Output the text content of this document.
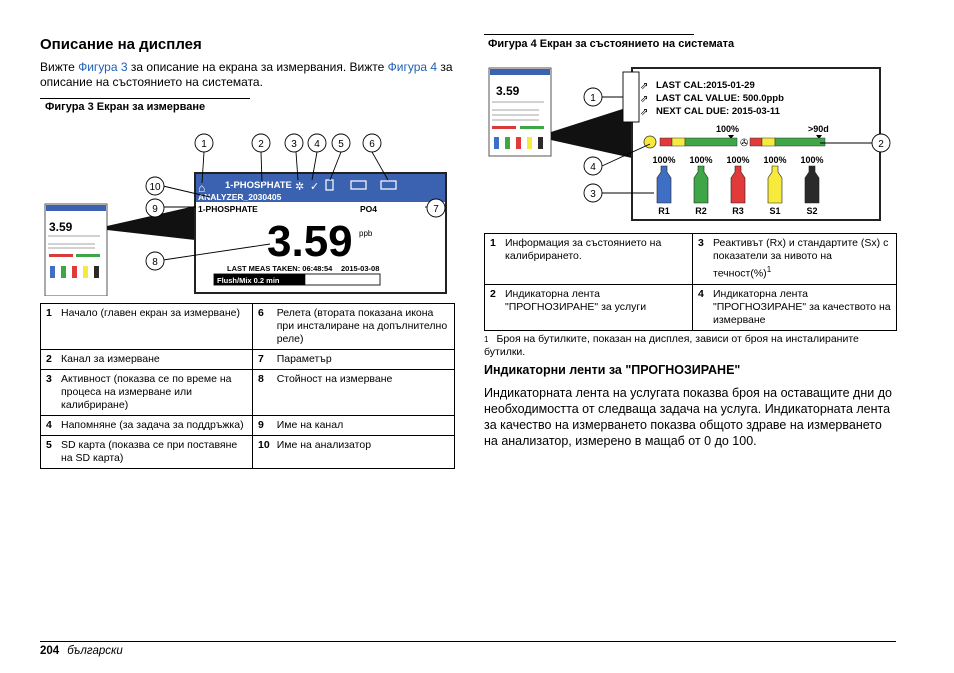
Описание на дисплея
Вижте Фигура 3 за описание на екрана за измервания. Вижте Фигура 4 за описание на състоянието на системата.
Фигура 3 Екран за измерване
3.59
⌂ 1-PHOSPHATE ✲ ✓
ANALYZER_2030405
1-PHOSPHATE	PO4
3.59 ppb
LAST MEAS TAKEN: 06:48:54 2015-03-08
Flush/Mix 0.2 min
1	2	3 4 5	6
7
8
9
10
1	Начало (главен екран за измерване)	6	Релета (втората показана икона при инсталиране на допълнително реле)
2	Канал за измерване	7	Параметър
3	Активност (показва се по време на процеса на измерване или калибриране)	8	Стойност на измерване
4	Напомняне (за задача за поддръжка)	9	Име на канал
5	SD карта (показва се при поставяне на SD карта)	10	Име на анализатор
Фигура 4 Екран за състоянието на системата
3.59	⇗
⇗
⇗
LAST CAL:2015-01-29
LAST CAL VALUE: 500.0ppb
NEXT CAL DUE: 2015-03-11
100%	>90d
✇
100% 100% 100% 100% 100%
R1	R2	R3	S1	S2
1
2
3
4
1	Информация за състоянието на калибрирането.	3	Реактивът (Rx) и стандартите (Sx) с показатели за нивото на течност(%)$^1$
2	Индикаторна лента "ПРОГНОЗИРАНЕ" за услуги	4	Индикаторна лента "ПРОГНОЗИРАНЕ" за качеството на измерване
$^1$ Броя на бутилките, показан на дисплея, зависи от броя на инсталираните бутилки.
Индикаторни ленти за "ПРОГНОЗИРАНЕ"
Индикаторната лента на услугата показва броя на оставащите дни до необходимостта от следваща задача на услуга. Индикаторната лента за качество на измерването показва общото здраве на измерването на анализатор, измерено в мащаб от 0 до 100.
204 български
